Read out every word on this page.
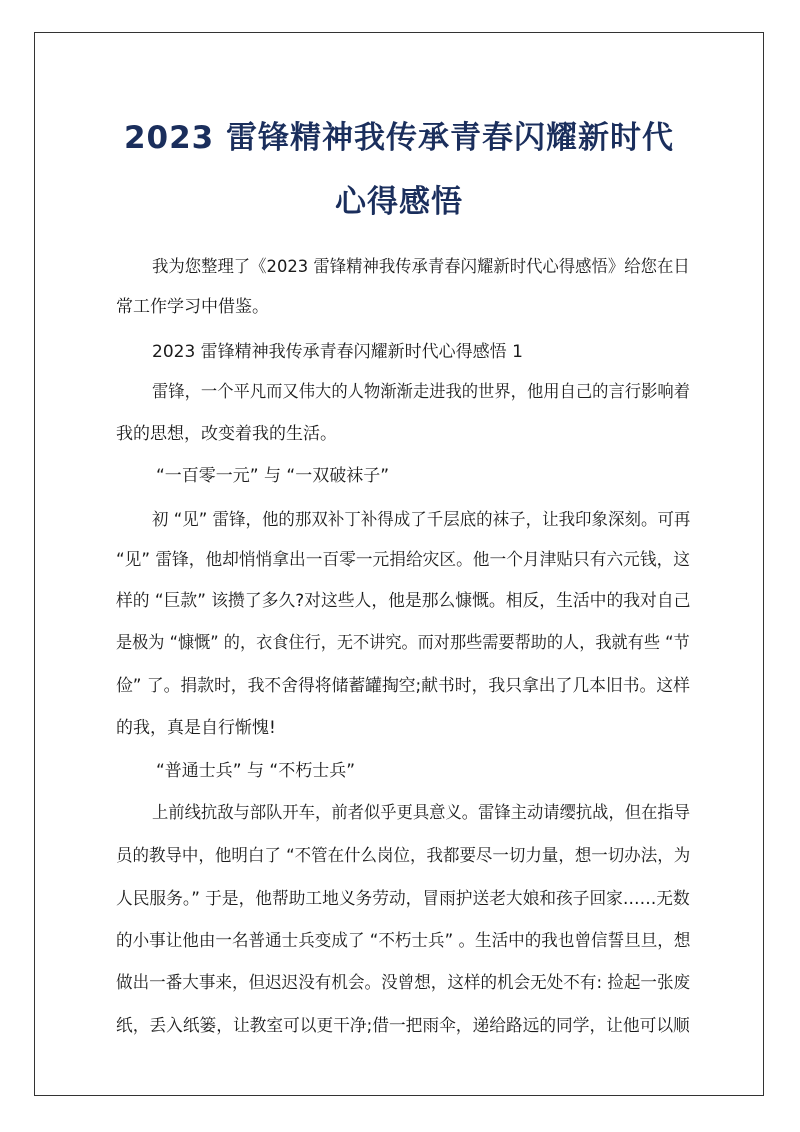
2023 雷锋精神我传承青春闪耀新时代
心得感悟
我为您整理了《2023 雷锋精神我传承青春闪耀新时代心得感悟》给您在日
常工作学习中借鉴。
2023 雷锋精神我传承青春闪耀新时代心得感悟 1
雷锋，一个平凡而又伟大的人物渐渐走进我的世界，他用自己的言行影响着
我的思想，改变着我的生活。
“一百零一元” 与 “一双破袜子”
初 “见” 雷锋，他的那双补丁补得成了千层底的袜子，让我印象深刻。可再
“见” 雷锋，他却悄悄拿出一百零一元捐给灾区。他一个月津贴只有六元钱，这
样的 “巨款” 该攒了多久?对这些人，他是那么慷慨。相反，生活中的我对自己
是极为 “慷慨” 的，衣食住行，无不讲究。而对那些需要帮助的人，我就有些 “节
俭” 了。捐款时，我不舍得将储蓄罐掏空;献书时，我只拿出了几本旧书。这样
的我，真是自行惭愧!
“普通士兵” 与 “不朽士兵”
上前线抗敌与部队开车，前者似乎更具意义。雷锋主动请缨抗战，但在指导
员的教导中，他明白了 “不管在什么岗位，我都要尽一切力量，想一切办法，为
人民服务。” 于是，他帮助工地义务劳动，冒雨护送老大娘和孩子回家……无数
的小事让他由一名普通士兵变成了 “不朽士兵” 。生活中的我也曾信誓旦旦，想
做出一番大事来，但迟迟没有机会。没曾想，这样的机会无处不有: 捡起一张废
纸，丢入纸篓，让教室可以更干净;借一把雨伞，递给路远的同学，让他可以顺
